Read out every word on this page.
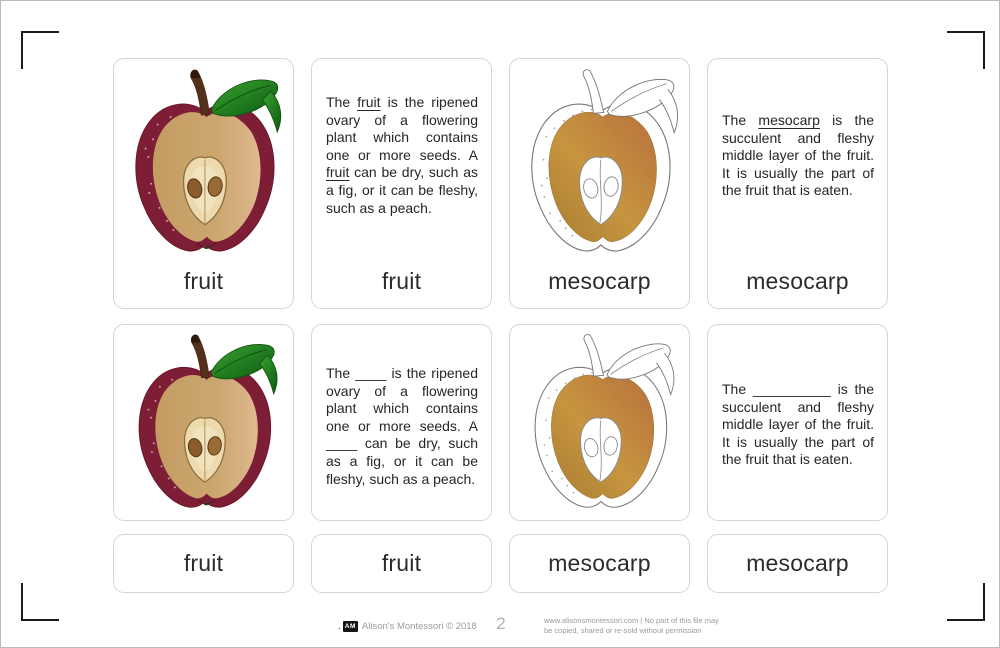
fruit

The fruit is the ripened ovary of a flowering plant which contains one or more seeds. A fruit can be dry, such as a fig, or it can be fleshy, such as a peach.

fruit	mesocarp

The mesocarp is the succulent and fleshy middle layer of the fruit. It is usually the part of the fruit that is eaten.

mesocarp

The ____ is the ripened ovary of a flowering plant which contains one or more seeds. A ____ can be dry, such as a fig, or it can be fleshy, such as a peach.

The __________ is the succulent and fleshy middle layer of the fruit. It is usually the part of the fruit that is eaten.

fruit	fruit	mesocarp	mesocarp
. AM Alison's Montessori © 2018	2	www.alisonsmontessori.com | No part of this file may
be copied, shared or re-sold without permission
